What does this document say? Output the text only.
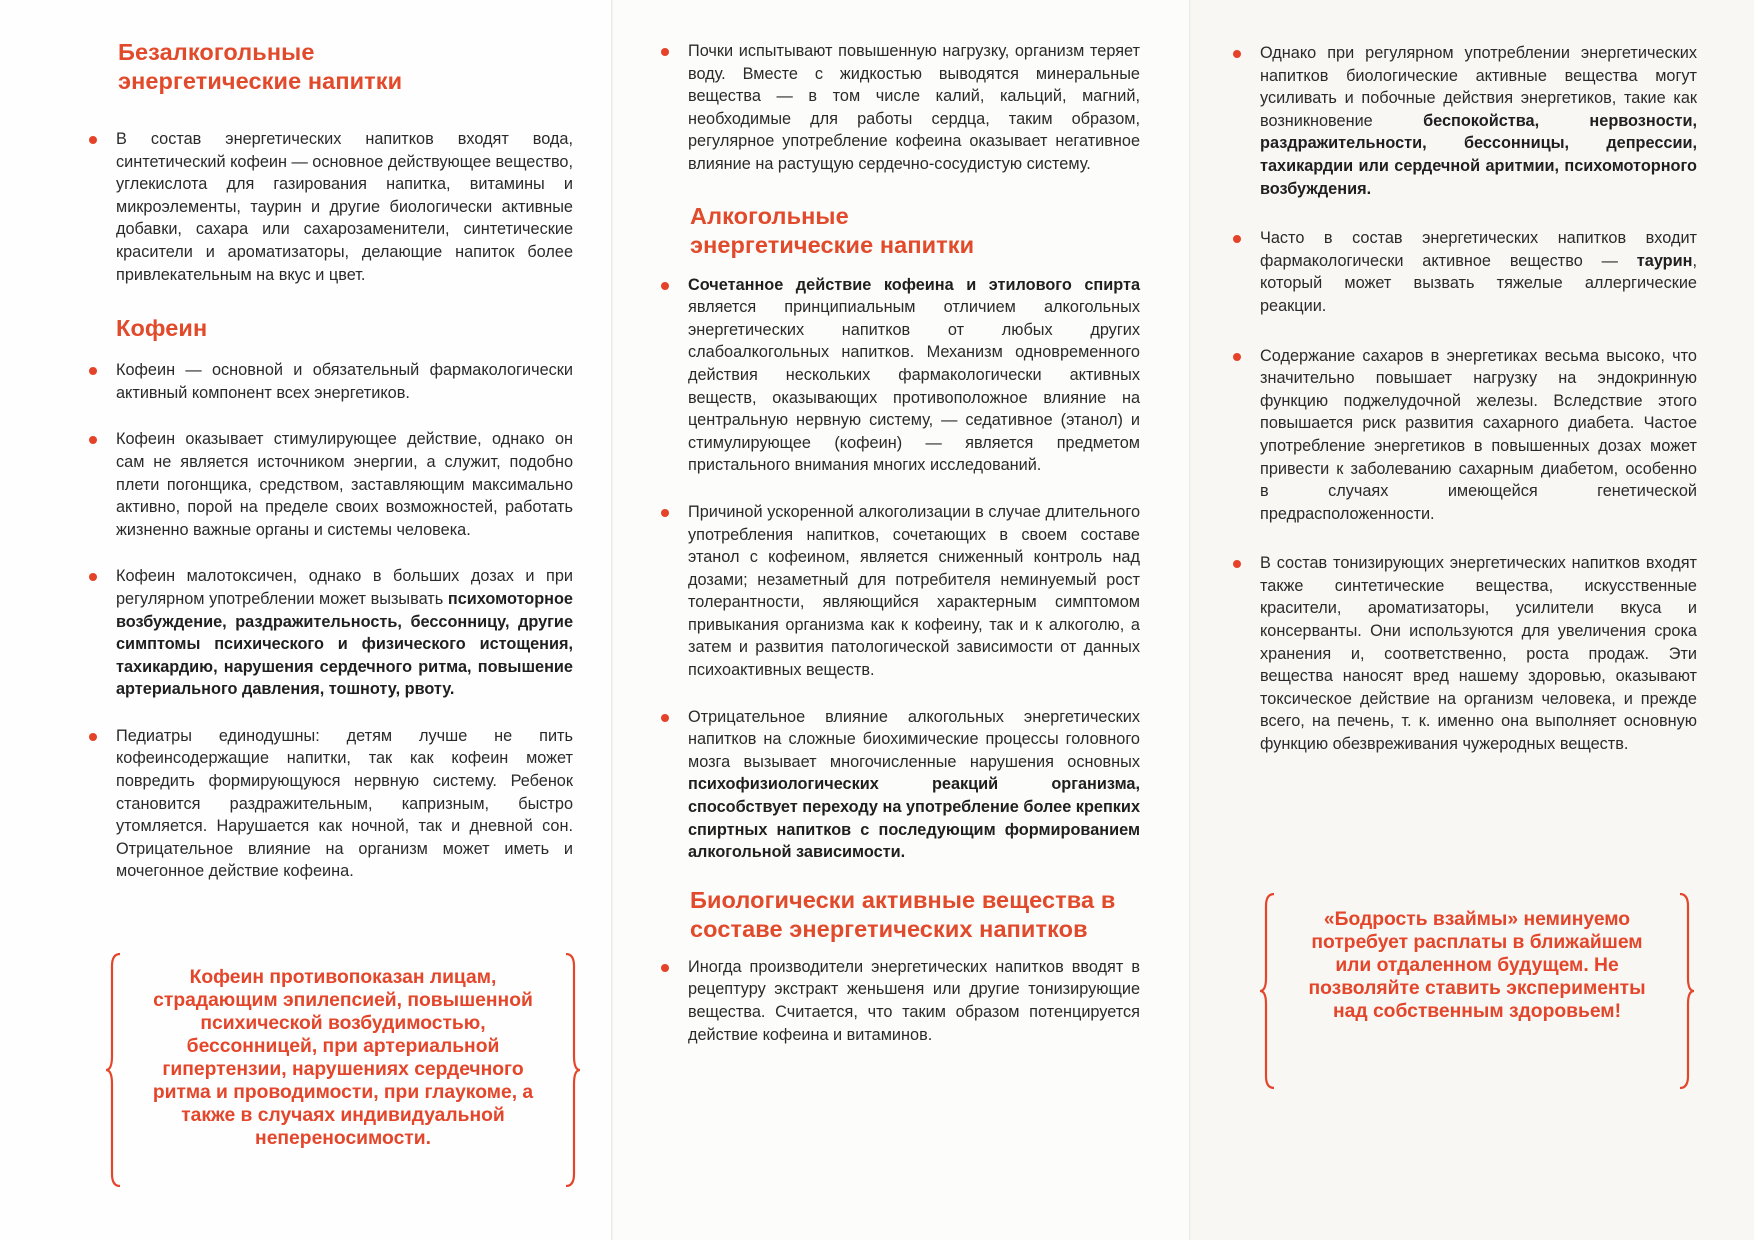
Безалкогольные энергетические напитки
В состав энергетических напитков входят вода, синтетический кофеин — основное действующее вещество, углекислота для газирования напитка, витамины и микроэлементы, таурин и другие биологически активные добавки, сахара или сахарозаменители, синтетические красители и ароматизаторы, делающие напиток более привлекательным на вкус и цвет.
Кофеин
Кофеин — основной и обязательный фармакологически активный компонент всех энергетиков.
Кофеин оказывает стимулирующее действие, однако он сам не является источником энергии, а служит, подобно плети погонщика, средством, заставляющим максимально активно, порой на пределе своих возможностей, работать жизненно важные органы и системы человека.
Кофеин малотоксичен, однако в больших дозах и при регулярном употреблении может вызывать психомоторное возбуждение, раздражительность, бессонницу, другие симптомы психического и физического истощения, тахикардию, нарушения сердечного ритма, повышение артериального давления, тошноту, рвоту.
Педиатры единодушны: детям лучше не пить кофеинсодержащие напитки, так как кофеин может повредить формирующуюся нервную систему. Ребенок становится раздражительным, капризным, быстро утомляется. Нарушается как ночной, так и дневной сон. Отрицательное влияние на организм может иметь и мочегонное действие кофеина.
Кофеин противопоказан лицам, страдающим эпилепсией, повышенной психической возбудимостью, бессонницей, при артериальной гипертензии, нарушениях сердечного ритма и проводимости, при глаукоме, а также в случаях индивидуальной непереносимости.
Почки испытывают повышенную нагрузку, организм теряет воду. Вместе с жидкостью выводятся минеральные вещества — в том числе калий, кальций, магний, необходимые для работы сердца, таким образом, регулярное употребление кофеина оказывает негативное влияние на растущую сердечно-сосудистую систему.
Алкогольные энергетические напитки
Сочетанное действие кофеина и этилового спирта является принципиальным отличием алкогольных энергетических напитков от любых других слабоалкогольных напитков. Механизм одновременного действия нескольких фармакологически активных веществ, оказывающих противоположное влияние на центральную нервную систему, — седативное (этанол) и стимулирующее (кофеин) — является предметом пристального внимания многих исследований.
Причиной ускоренной алкоголизации в случае длительного употребления напитков, сочетающих в своем составе этанол с кофеином, является сниженный контроль над дозами; незаметный для потребителя неминуемый рост толерантности, являющийся характерным симптомом привыкания организма как к кофеину, так и к алкоголю, а затем и развития патологической зависимости от данных психоактивных веществ.
Отрицательное влияние алкогольных энергетических напитков на сложные биохимические процессы головного мозга вызывает многочисленные нарушения основных психофизиологических реакций организма, способствует переходу на употребление более крепких спиртных напитков с последующим формированием алкогольной зависимости.
Биологически активные вещества в составе энергетических напитков
Иногда производители энергетических напитков вводят в рецептуру экстракт женьшеня или другие тонизирующие вещества. Считается, что таким образом потенцируется действие кофеина и витаминов.
Однако при регулярном употреблении энергетических напитков биологические активные вещества могут усиливать и побочные действия энергетиков, такие как возникновение	беспокойства, нервозности, раздражительности, бессонницы, депрессии, тахикардии или сердечной аритмии, психомоторного возбуждения.
Часто в состав энергетических напитков входит фармакологически активное вещество — таурин, который может вызвать тяжелые аллергические реакции.
Содержание сахаров в энергетиках весьма высоко, что значительно повышает нагрузку на эндокринную функцию поджелудочной железы. Вследствие этого повышается риск развития сахарного диабета. Частое употребление энергетиков в повышенных дозах может привести к заболеванию сахарным диабетом, особенно в случаях имеющейся генетической предрасположенности.
В состав тонизирующих энергетических напитков входят также синтетические вещества, искусственные красители, ароматизаторы, усилители вкуса и консерванты. Они используются для увеличения срока хранения и, соответственно, роста продаж. Эти вещества наносят вред нашему здоровью, оказывают токсическое действие на организм человека, и прежде всего, на печень, т. к. именно она выполняет основную функцию обезвреживания чужеродных веществ.
«Бодрость взаймы» неминуемо потребует расплаты в ближайшем или отдаленном будущем. Не позволяйте ставить эксперименты над собственным здоровьем!
